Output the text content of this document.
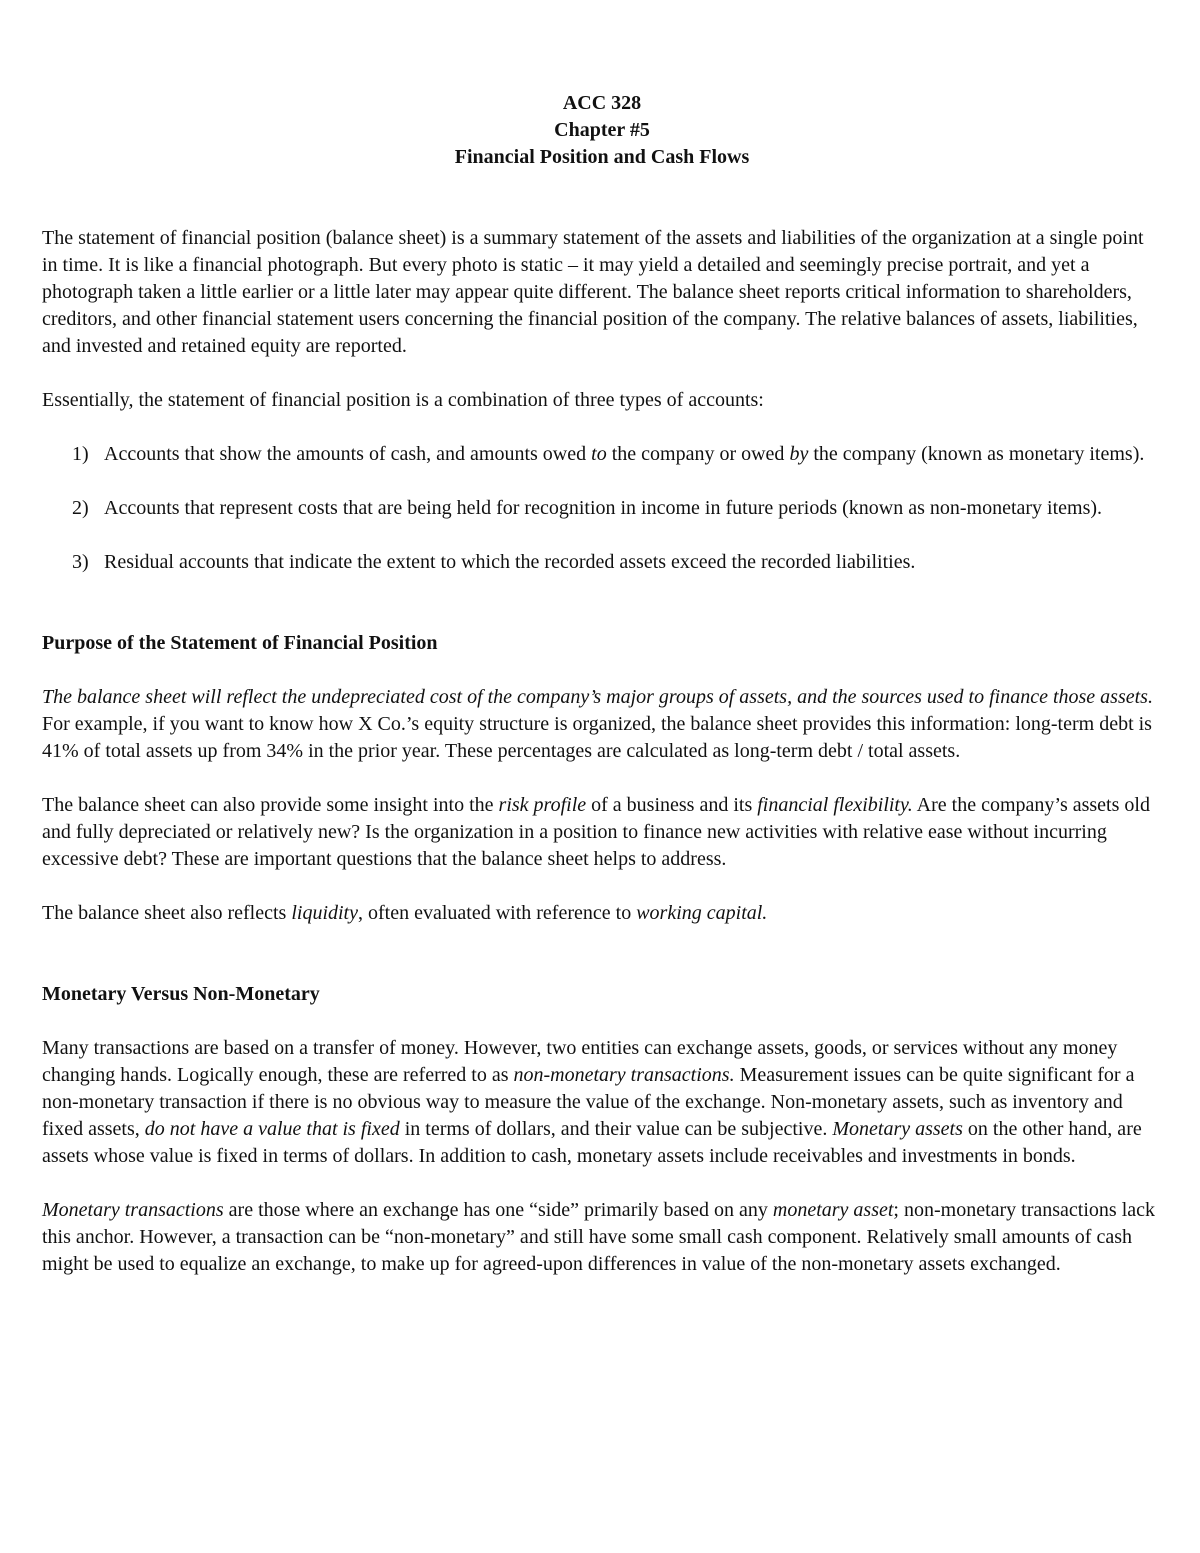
ACC 328

Chapter #5

Financial Position and Cash Flows

The statement of financial position (balance sheet) is a summary statement of the assets and liabilities of the organization at a single point in time. It is like a financial photograph. But every photo is static – it may yield a detailed and seemingly precise portrait, and yet a photograph taken a little earlier or a little later may appear quite different. The balance sheet reports critical information to shareholders, creditors, and other financial statement users concerning the financial position of the company. The relative balances of assets, liabilities, and invested and retained equity are reported.

Essentially, the statement of financial position is a combination of three types of accounts:

1) Accounts that show the amounts of cash, and amounts owed to the company or owed by the company (known as monetary items).
2) Accounts that represent costs that are being held for recognition in income in future periods (known as non-monetary items).
3) Residual accounts that indicate the extent to which the recorded assets exceed the recorded liabilities.
Purpose of the Statement of Financial Position

The balance sheet will reflect the undepreciated cost of the company’s major groups of assets, and the sources used to finance those assets. For example, if you want to know how X Co.’s equity structure is organized, the balance sheet provides this information: long-term debt is 41% of total assets up from 34% in the prior year. These percentages are calculated as long-term debt / total assets.

The balance sheet can also provide some insight into the risk profile of a business and its financial flexibility. Are the company’s assets old and fully depreciated or relatively new? Is the organization in a position to finance new activities with relative ease without incurring excessive debt? These are important questions that the balance sheet helps to address.

The balance sheet also reflects liquidity, often evaluated with reference to working capital.

Monetary Versus Non-Monetary

Many transactions are based on a transfer of money. However, two entities can exchange assets, goods, or services without any money changing hands. Logically enough, these are referred to as non-monetary transactions. Measurement issues can be quite significant for a non-monetary transaction if there is no obvious way to measure the value of the exchange. Non-monetary assets, such as inventory and fixed assets, do not have a value that is fixed in terms of dollars, and their value can be subjective. Monetary assets on the other hand, are assets whose value is fixed in terms of dollars. In addition to cash, monetary assets include receivables and investments in bonds.

Monetary transactions are those where an exchange has one “side” primarily based on any monetary asset; non-monetary transactions lack this anchor. However, a transaction can be “non-monetary” and still have some small cash component. Relatively small amounts of cash might be used to equalize an exchange, to make up for agreed-upon differences in value of the non-monetary assets exchanged.
